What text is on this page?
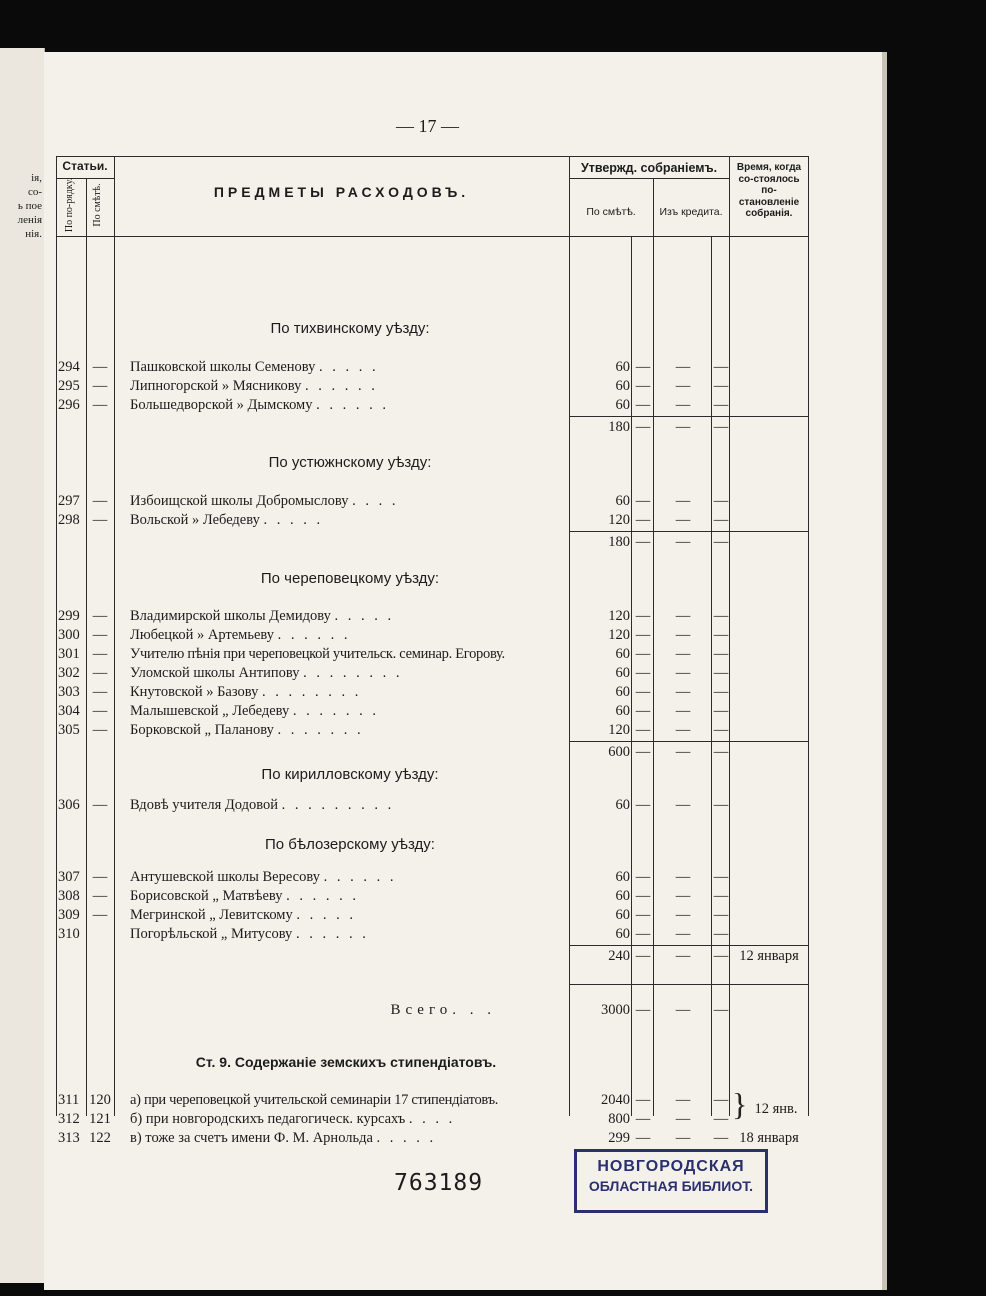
ія,
со-
ь пое
ленія
нія.
— 17 —
Статьи.
По по-рядку.	По смѣтѣ.	ПРЕДМЕТЫ РАСХОДОВЪ.
Утвержд. собраніемъ.
По смѣтѣ.	Изъ кредита.
Время, когда со-стоялось по-становленіе собранія.
По тихвинскому уѣзду:
294 —	Пашковской школы Семенову . . . . .	60 —	—	—
295 —	Липногорской » Мясникову . . . . . .	60 —	—	—
296 —	Большедворской » Дымскому . . . . . .	60 —	—	—
180 —	—	—
По устюжнскому уѣзду:
297 —	Избоищской школы Добромыслову . . . .	60 —	—	—
298 —	Вольской » Лебедеву . . . . .	120 —	—	—
180 —	—	—
По череповецкому уѣзду:
299 —	Владимирской школы Демидову . . . . .	120 —	—	—
300 —	Любецкой » Артемьеву . . . . . .	120 —	—	—
301 —	Учителю пѣнія при череповецкой учительск. семинар. Егорову.	60 —	—	—
302 —	Уломской школы Антипову . . . . . . . .	60 —	—	—
303 —	Кнутовской » Базову . . . . . . . .	60 —	—	—
304 —	Малышевской „ Лебедеву . . . . . . .	60 —	—	—
305 —	Борковской „ Паланову . . . . . . .	120 —	—	—
600 —	—	—
По кирилловскому уѣзду:
306 —	Вдовѣ учителя Додовой . . . . . . . . .	60 —	—	—
По бѣлозерскому уѣзду:
307 —	Антушевской школы Вересову . . . . . .	60 —	—	—
308 —	Борисовской „ Матвѣеву . . . . . .	60 —	—	—
309 —	Мегринской „ Левитскому . . . . .	60 —	—	—
310	Погорѣльской „ Митусову . . . . . .	60 —	—	—
240 —	—	— 12 января
Всего. . .	3000 —	—	—
Ст. 9. Содержаніе земскихъ стипендіатовъ.
311 120 а) при череповецкой учительской семинаріи 17 стипендіатовъ.	2040 —	—	—
312 121 б) при новгородскихъ педагогическ. курсахъ . . . .	800 —	—	—
313 122 в) тоже за счетъ имени Ф. М. Арнольда . . . . .	299 —	—	— 18 января
} 12 янв.
763189
НОВГОРОДСКАЯ
ОБЛАСТНАЯ БИБЛИОТ.
